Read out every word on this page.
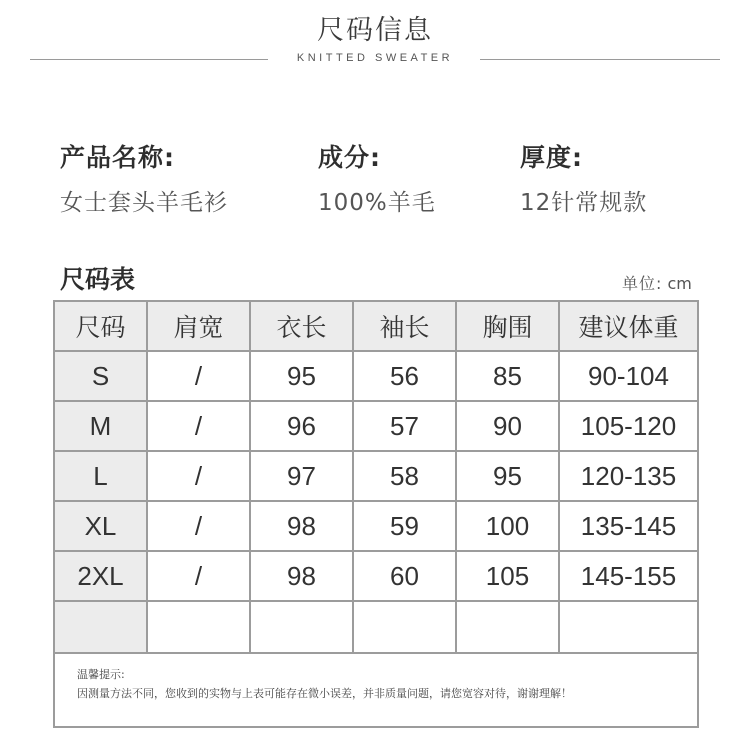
尺码信息
KNITTED SWEATER
产品名称:
女士套头羊毛衫
成分:
100%羊毛
厚度:
12针常规款
尺码表	单位: cm
尺码	肩宽	衣长	袖长	胸围	建议体重
S	/	95	56	85	90-104
M	/	96	57	90	105-120
L	/	97	58	95	120-135
XL	/	98	59	100	135-145
2XL	/	98	60	105	145-155

温馨提示:
因测量方法不同，您收到的实物与上表可能存在微小误差，并非质量问题，请您宽容对待，谢谢理解！					
